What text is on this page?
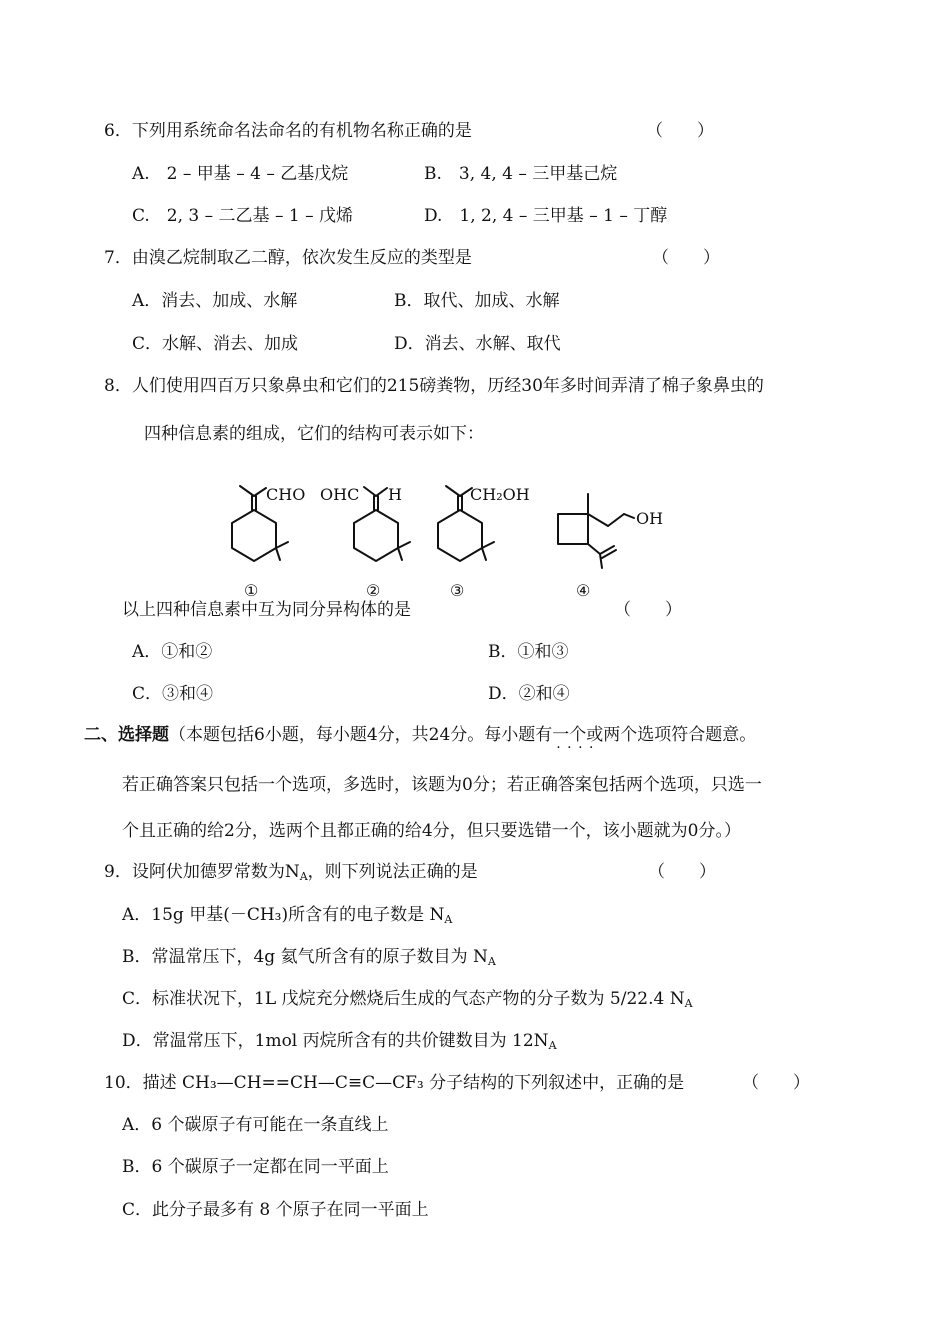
6．下列用系统命名法命名的有机物名称正确的是	（　　）
A.　2 – 甲基 – 4 – 乙基戊烷	B.　3, 4, 4 – 三甲基己烷
C.　2, 3 – 二乙基 – 1 – 戊烯	D.　1, 2, 4 – 三甲基 – 1 – 丁醇
7．由溴乙烷制取乙二醇，依次发生反应的类型是	（　　）
A．消去、加成、水解	B．取代、加成、水解
C．水解、消去、加成	D．消去、水解、取代
8．人们使用四百万只象鼻虫和它们的215磅粪物，历经30年多时间弄清了棉子象鼻虫的
四种信息素的组成，它们的结构可表示如下：
CHO OHC H	CH₂OH
OH
①	②	③	④
以上四种信息素中互为同分异构体的是	（　　）
A．①和②	B．①和③
C．③和④	D．②和④
二、选择题（本题包括6小题，每小题4分，共24分。每小题有一个或两个 · · 选项符合题意。
若正确答案只包括一个选项，多选时，该题为0分；若正确答案包括两个选项，只选一
个且正确的给2分，选两个且都正确的给4分，但只要选错一个，该小题就为0分。）
9．设阿伏加德罗常数为$N_A$，则下列说法正确的是	（　　）
A．15g 甲基(－CH₃)所含有的电子数是 $N_A$
B．常温常压下，4g 氦气所含有的原子数目为 $N_A$
C．标准状况下，1L 戊烷充分燃烧后生成的气态产物的分子数为 5/22.4 $N_A$
D．常温常压下，1mol 丙烷所含有的共价键数目为 $12N_A$
10．描述 CH₃—CH==CH—C≡C—CF₃ 分子结构的下列叙述中，正确的是	（　　）
A．6 个碳原子有可能在一条直线上
B．6 个碳原子一定都在同一平面上
C．此分子最多有 8 个原子在同一平面上
